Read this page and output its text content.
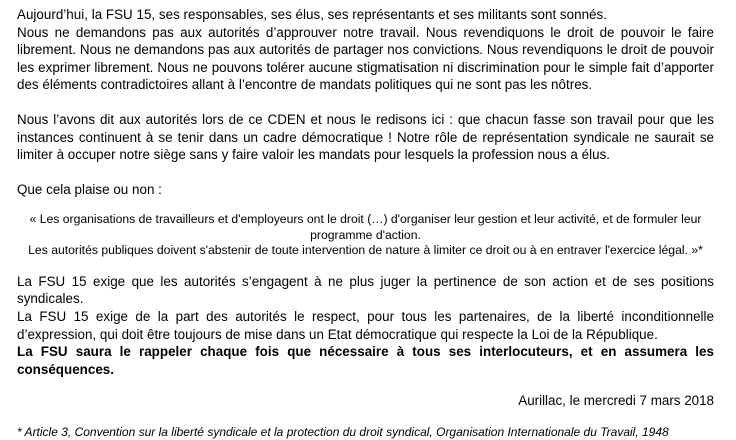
Aujourd’hui, la FSU 15, ses responsables, ses élus, ses représentants et ses militants sont sonnés.

Nous ne demandons pas aux autorités d’approuver notre travail. Nous revendiquons le droit de pouvoir le faire librement. Nous ne demandons pas aux autorités de partager nos convictions. Nous revendiquons le droit de pouvoir les exprimer librement. Nous ne pouvons tolérer aucune stigmatisation ni discrimination pour le simple fait d’apporter des éléments contradictoires allant à l’encontre de mandats politiques qui ne sont pas les nôtres.

Nous l’avons dit aux autorités lors de ce CDEN et nous le redisons ici : que chacun fasse son travail pour que les instances continuent à se tenir dans un cadre démocratique ! Notre rôle de représentation syndicale ne saurait se limiter à occuper notre siège sans y faire valoir les mandats pour lesquels la profession nous a élus.

Que cela plaise ou non :

« Les organisations de travailleurs et d'employeurs ont le droit (…) d'organiser leur gestion et leur activité, et de formuler leur programme d'action.

Les autorités publiques doivent s'abstenir de toute intervention de nature à limiter ce droit ou à en entraver l'exercice légal. »*

La FSU 15 exige que les autorités s’engagent à ne plus juger la pertinence de son action et de ses positions syndicales.

La FSU 15 exige de la part des autorités le respect, pour tous les partenaires, de la liberté inconditionnelle d’expression, qui doit être toujours de mise dans un Etat démocratique qui respecte la Loi de la République.

La FSU saura le rappeler chaque fois que nécessaire à tous ses interlocuteurs, et en assumera les conséquences.

Aurillac, le mercredi 7 mars 2018

* Article 3, Convention sur la liberté syndicale et la protection du droit syndical, Organisation Internationale du Travail, 1948
